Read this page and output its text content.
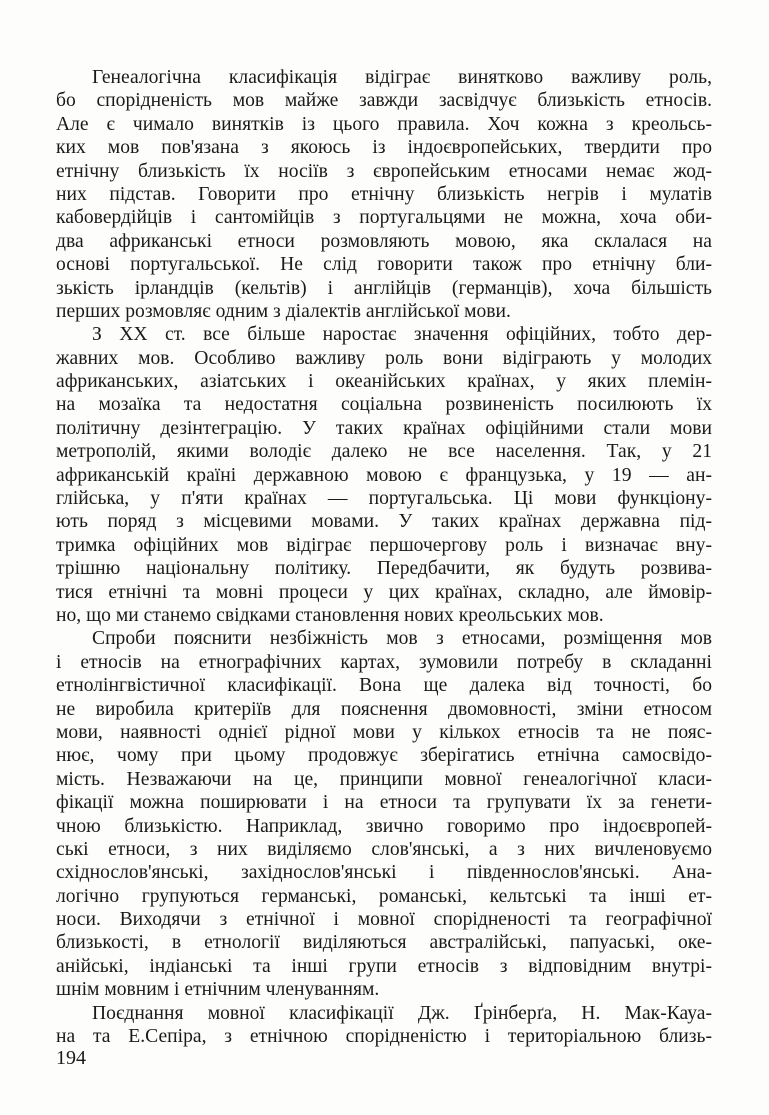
Генеалогічна класифікація відіграє винятково важливу роль,
бо спорідненість мов майже завжди засвідчує близькість етносів.
Але є чимало винятків із цього правила. Хоч кожна з креольсь-
ких мов пов'язана з якоюсь із індоєвропейських, твердити про
етнічну близькість їх носіїв з європейським етносами немає жод-
них підстав. Говорити про етнічну близькість негрів і мулатів
кабовердійців і сантомійців з португальцями не можна, хоча оби-
два африканські етноси розмовляють мовою, яка склалася на
основі португальської. Не слід говорити також про етнічну бли-
зькість ірландців (кельтів) і англійців (германців), хоча більшість
перших розмовляє одним з діалектів англійської мови.
З XX ст. все більше наростає значення офіційних, тобто дер-
жавних мов. Особливо важливу роль вони відіграють у молодих
африканських, азіатських і океанійських країнах, у яких племін-
на мозаїка та недостатня соціальна розвиненість посилюють їх
політичну дезінтеграцію. У таких країнах офіційними стали мови
метрополій, якими володіє далеко не все населення. Так, у 21
африканській країні державною мовою є французька, у 19 — ан-
глійська, у п'яти країнах — португальська. Ці мови функціону-
ють поряд з місцевими мовами. У таких країнах державна під-
тримка офіційних мов відіграє першочергову роль і визначає вну-
трішню національну політику. Передбачити, як будуть розвива-
тися етнічні та мовні процеси у цих країнах, складно, але ймовір-
но, що ми станемо свідками становлення нових креольських мов.
Спроби пояснити незбіжність мов з етносами, розміщення мов
і етносів на етнографічних картах, зумовили потребу в складанні
етнолінгвістичної класифікації. Вона ще далека від точності, бо
не виробила критеріїв для пояснення двомовності, зміни етносом
мови, наявності однієї рідної мови у кількох етносів та не пояс-
нює, чому при цьому продовжує зберігатись етнічна самосвідо-
мість. Незважаючи на це, принципи мовної генеалогічної класи-
фікації можна поширювати і на етноси та групувати їх за генети-
чною близькістю. Наприклад, звично говоримо про індоєвропей-
ські етноси, з них виділяємо слов'янські, а з них вичленовуємо
східнослов'янські, західнослов'янські і південнослов'янські. Ана-
логічно групуються германські, романські, кельтські та інші ет-
носи. Виходячи з етнічної і мовної спорідненості та географічної
близькості, в етнології виділяються австралійські, папуаські, оке-
анійські, індіанські та інші групи етносів з відповідним внутрі-
шнім мовним і етнічним членуванням.
Поєднання мовної класифікації Дж. Ґрінберґа, Н. Мак-Кауа-
на та Е.Сепіра, з етнічною спорідненістю і територіальною близь-
194
